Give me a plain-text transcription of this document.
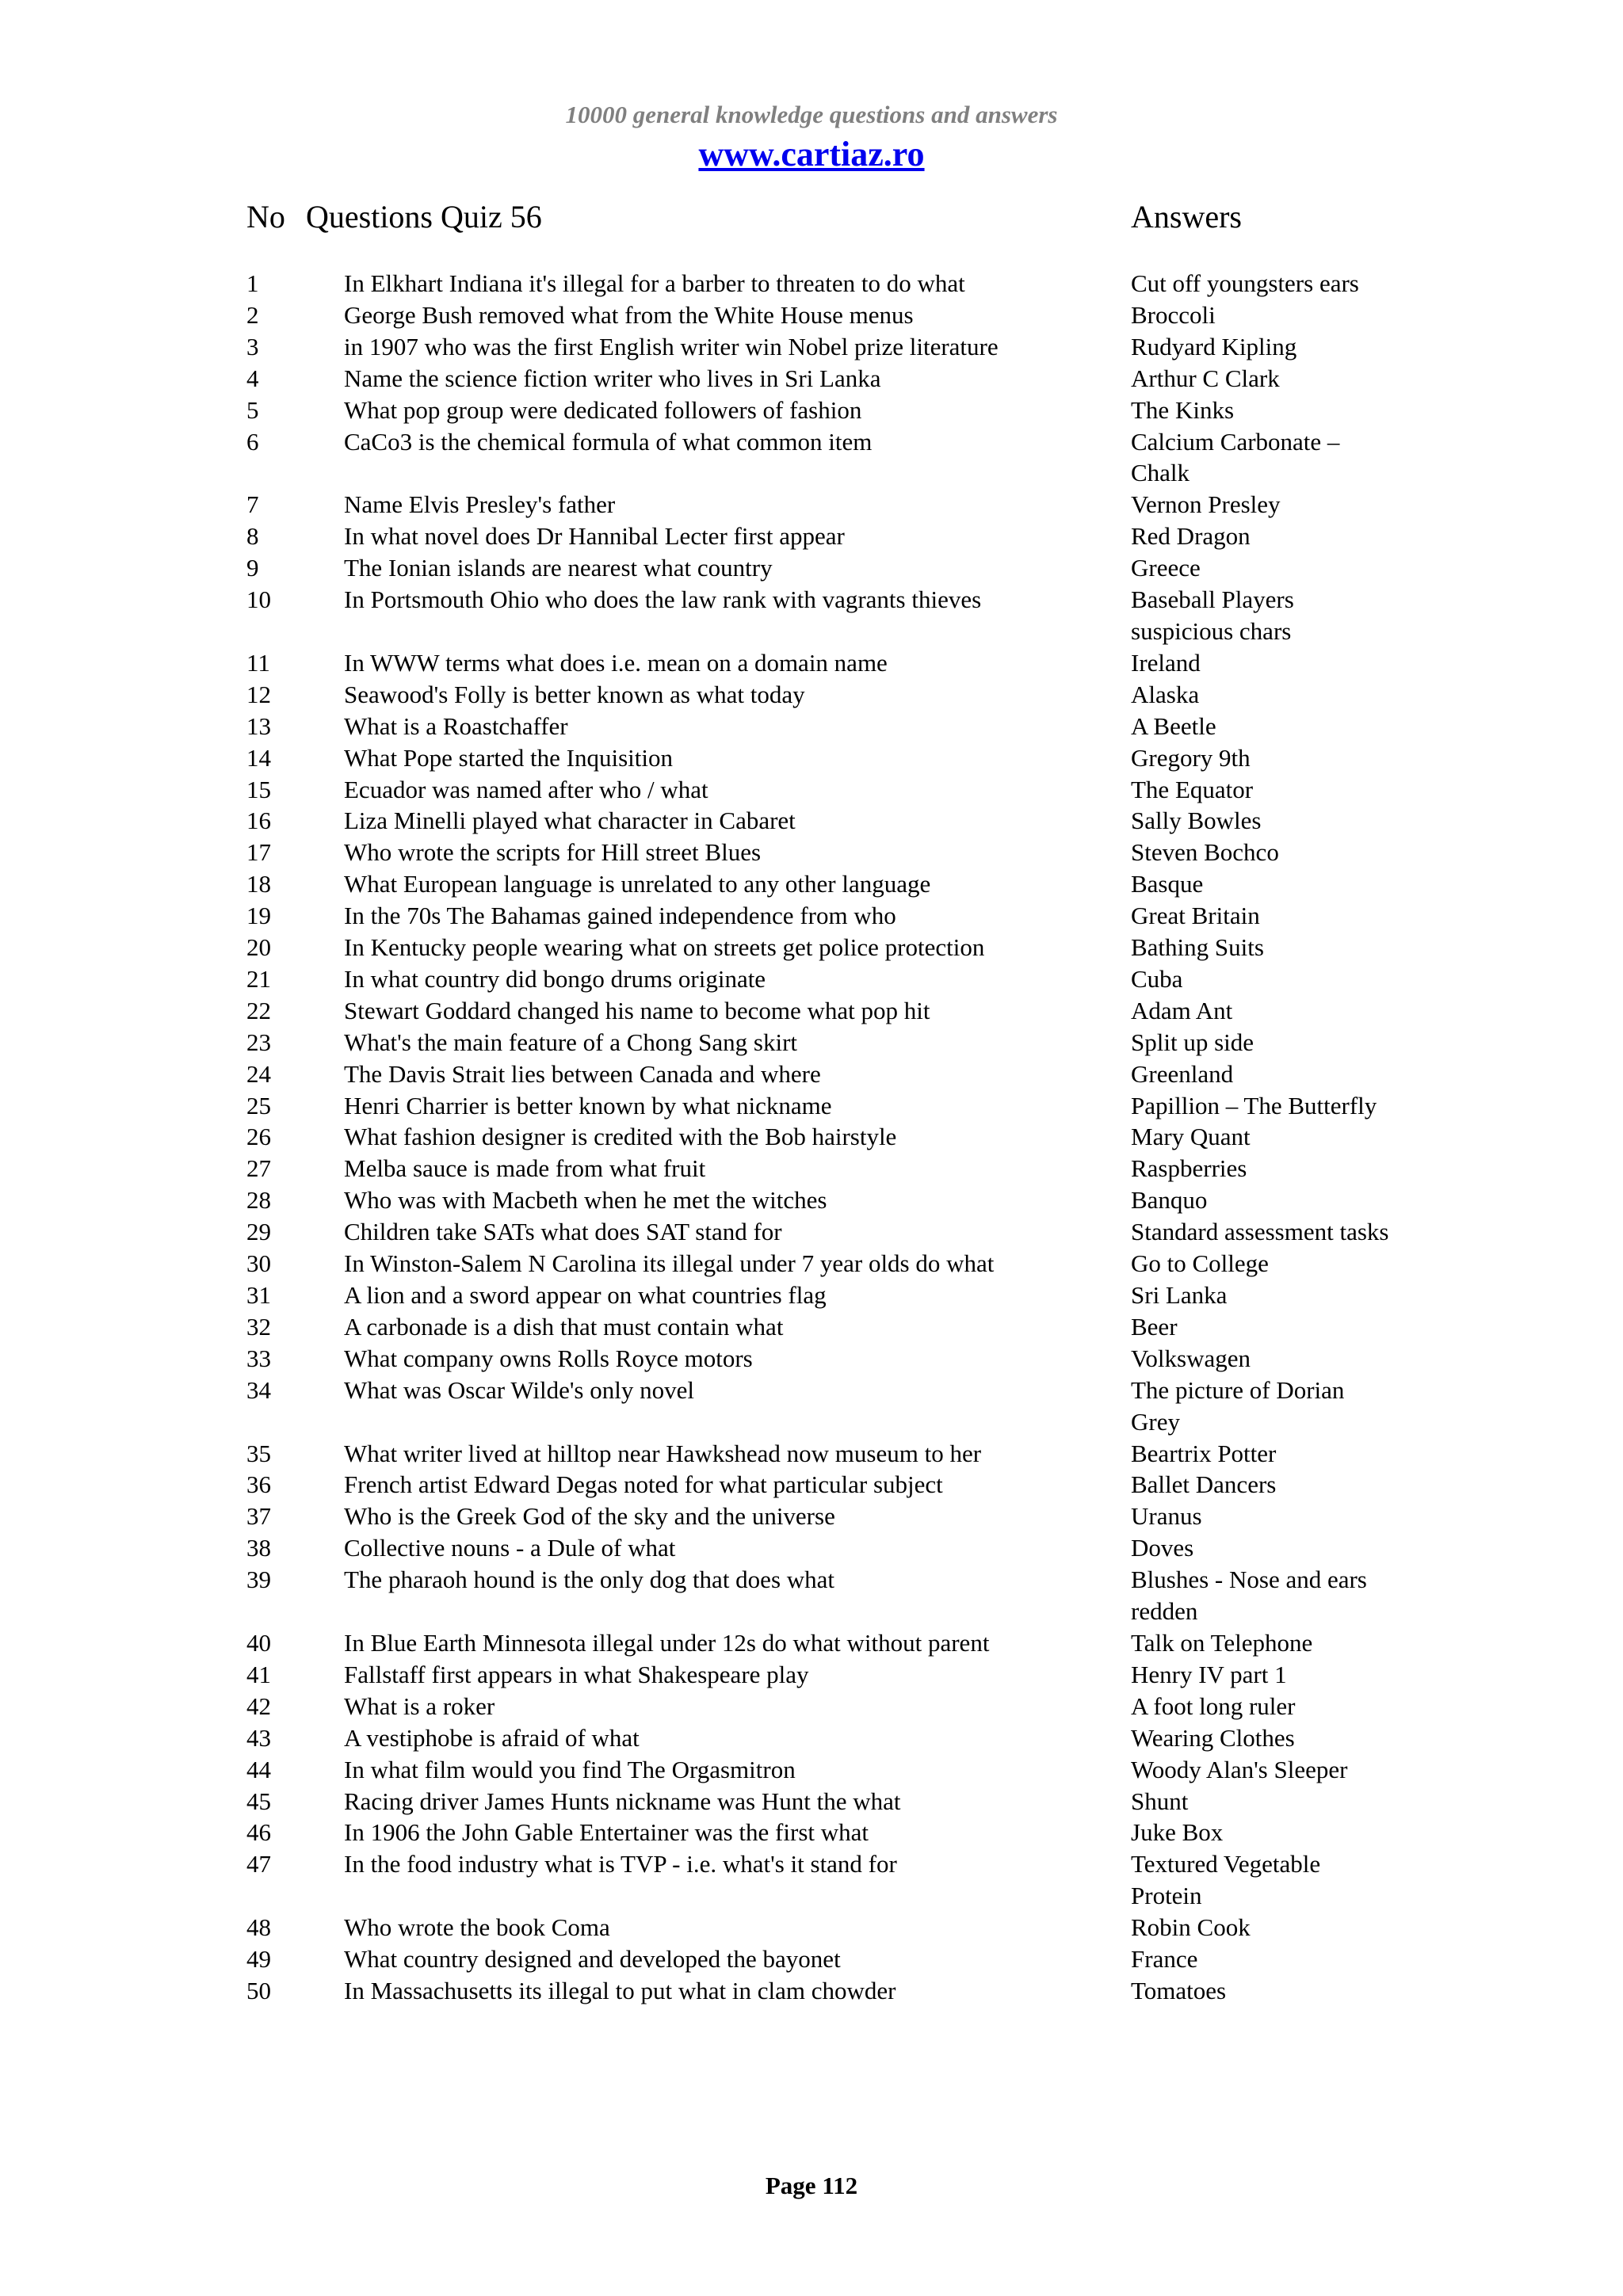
10000 general knowledge questions and answers
www.cartiaz.ro
No Questions Quiz 56	Answers
1	In Elkhart Indiana it's illegal for a barber to threaten to do what	Cut off youngsters ears
2	George Bush removed what from the White House menus	Broccoli
3	in 1907 who was the first English writer win Nobel prize literature	Rudyard Kipling
4	Name the science fiction writer who lives in Sri Lanka	Arthur C Clark
5	What pop group were dedicated followers of fashion	The Kinks
6	CaCo3 is the chemical formula of what common item	Calcium Carbonate – Chalk
7	Name Elvis Presley's father	Vernon Presley
8	In what novel does Dr Hannibal Lecter first appear	Red Dragon
9	The Ionian islands are nearest what country	Greece
10	In Portsmouth Ohio who does the law rank with vagrants thieves	Baseball Players suspicious chars
11	In WWW terms what does i.e. mean on a domain name	Ireland
12	Seawood's Folly is better known as what today	Alaska
13	What is a Roastchaffer	A Beetle
14	What Pope started the Inquisition	Gregory 9th
15	Ecuador was named after who / what	The Equator
16	Liza Minelli played what character in Cabaret	Sally Bowles
17	Who wrote the scripts for Hill street Blues	Steven Bochco
18	What European language is unrelated to any other language	Basque
19	In the 70s The Bahamas gained independence from who	Great Britain
20	In Kentucky people wearing what on streets get police protection	Bathing Suits
21	In what country did bongo drums originate	Cuba
22	Stewart Goddard changed his name to become what pop hit	Adam Ant
23	What's the main feature of a Chong Sang skirt	Split up side
24	The Davis Strait lies between Canada and where	Greenland
25	Henri Charrier is better known by what nickname	Papillion – The Butterfly
26	What fashion designer is credited with the Bob hairstyle	Mary Quant
27	Melba sauce is made from what fruit	Raspberries
28	Who was with Macbeth when he met the witches	Banquo
29	Children take SATs what does SAT stand for	Standard assessment tasks
30	In Winston-Salem N Carolina its illegal under 7 year olds do what	Go to College
31	A lion and a sword appear on what countries flag	Sri Lanka
32	A carbonade is a dish that must contain what	Beer
33	What company owns Rolls Royce motors	Volkswagen
34	What was Oscar Wilde's only novel	The picture of Dorian Grey
35	What writer lived at hilltop near Hawkshead now museum to her	Beartrix Potter
36	French artist Edward Degas noted for what particular subject	Ballet Dancers
37	Who is the Greek God of the sky and the universe	Uranus
38	Collective nouns - a Dule of what	Doves
39	The pharaoh hound is the only dog that does what	Blushes - Nose and ears redden
40	In Blue Earth Minnesota illegal under 12s do what without parent	Talk on Telephone
41	Fallstaff first appears in what Shakespeare play	Henry IV part 1
42	What is a roker	A foot long ruler
43	A vestiphobe is afraid of what	Wearing Clothes
44	In what film would you find The Orgasmitron	Woody Alan's Sleeper
45	Racing driver James Hunts nickname was Hunt the what	Shunt
46	In 1906 the John Gable Entertainer was the first what	Juke Box
47	In the food industry what is TVP - i.e. what's it stand for	Textured Vegetable Protein
48	Who wrote the book Coma	Robin Cook
49	What country designed and developed the bayonet	France
50	In Massachusetts its illegal to put what in clam chowder	Tomatoes
Page 112
